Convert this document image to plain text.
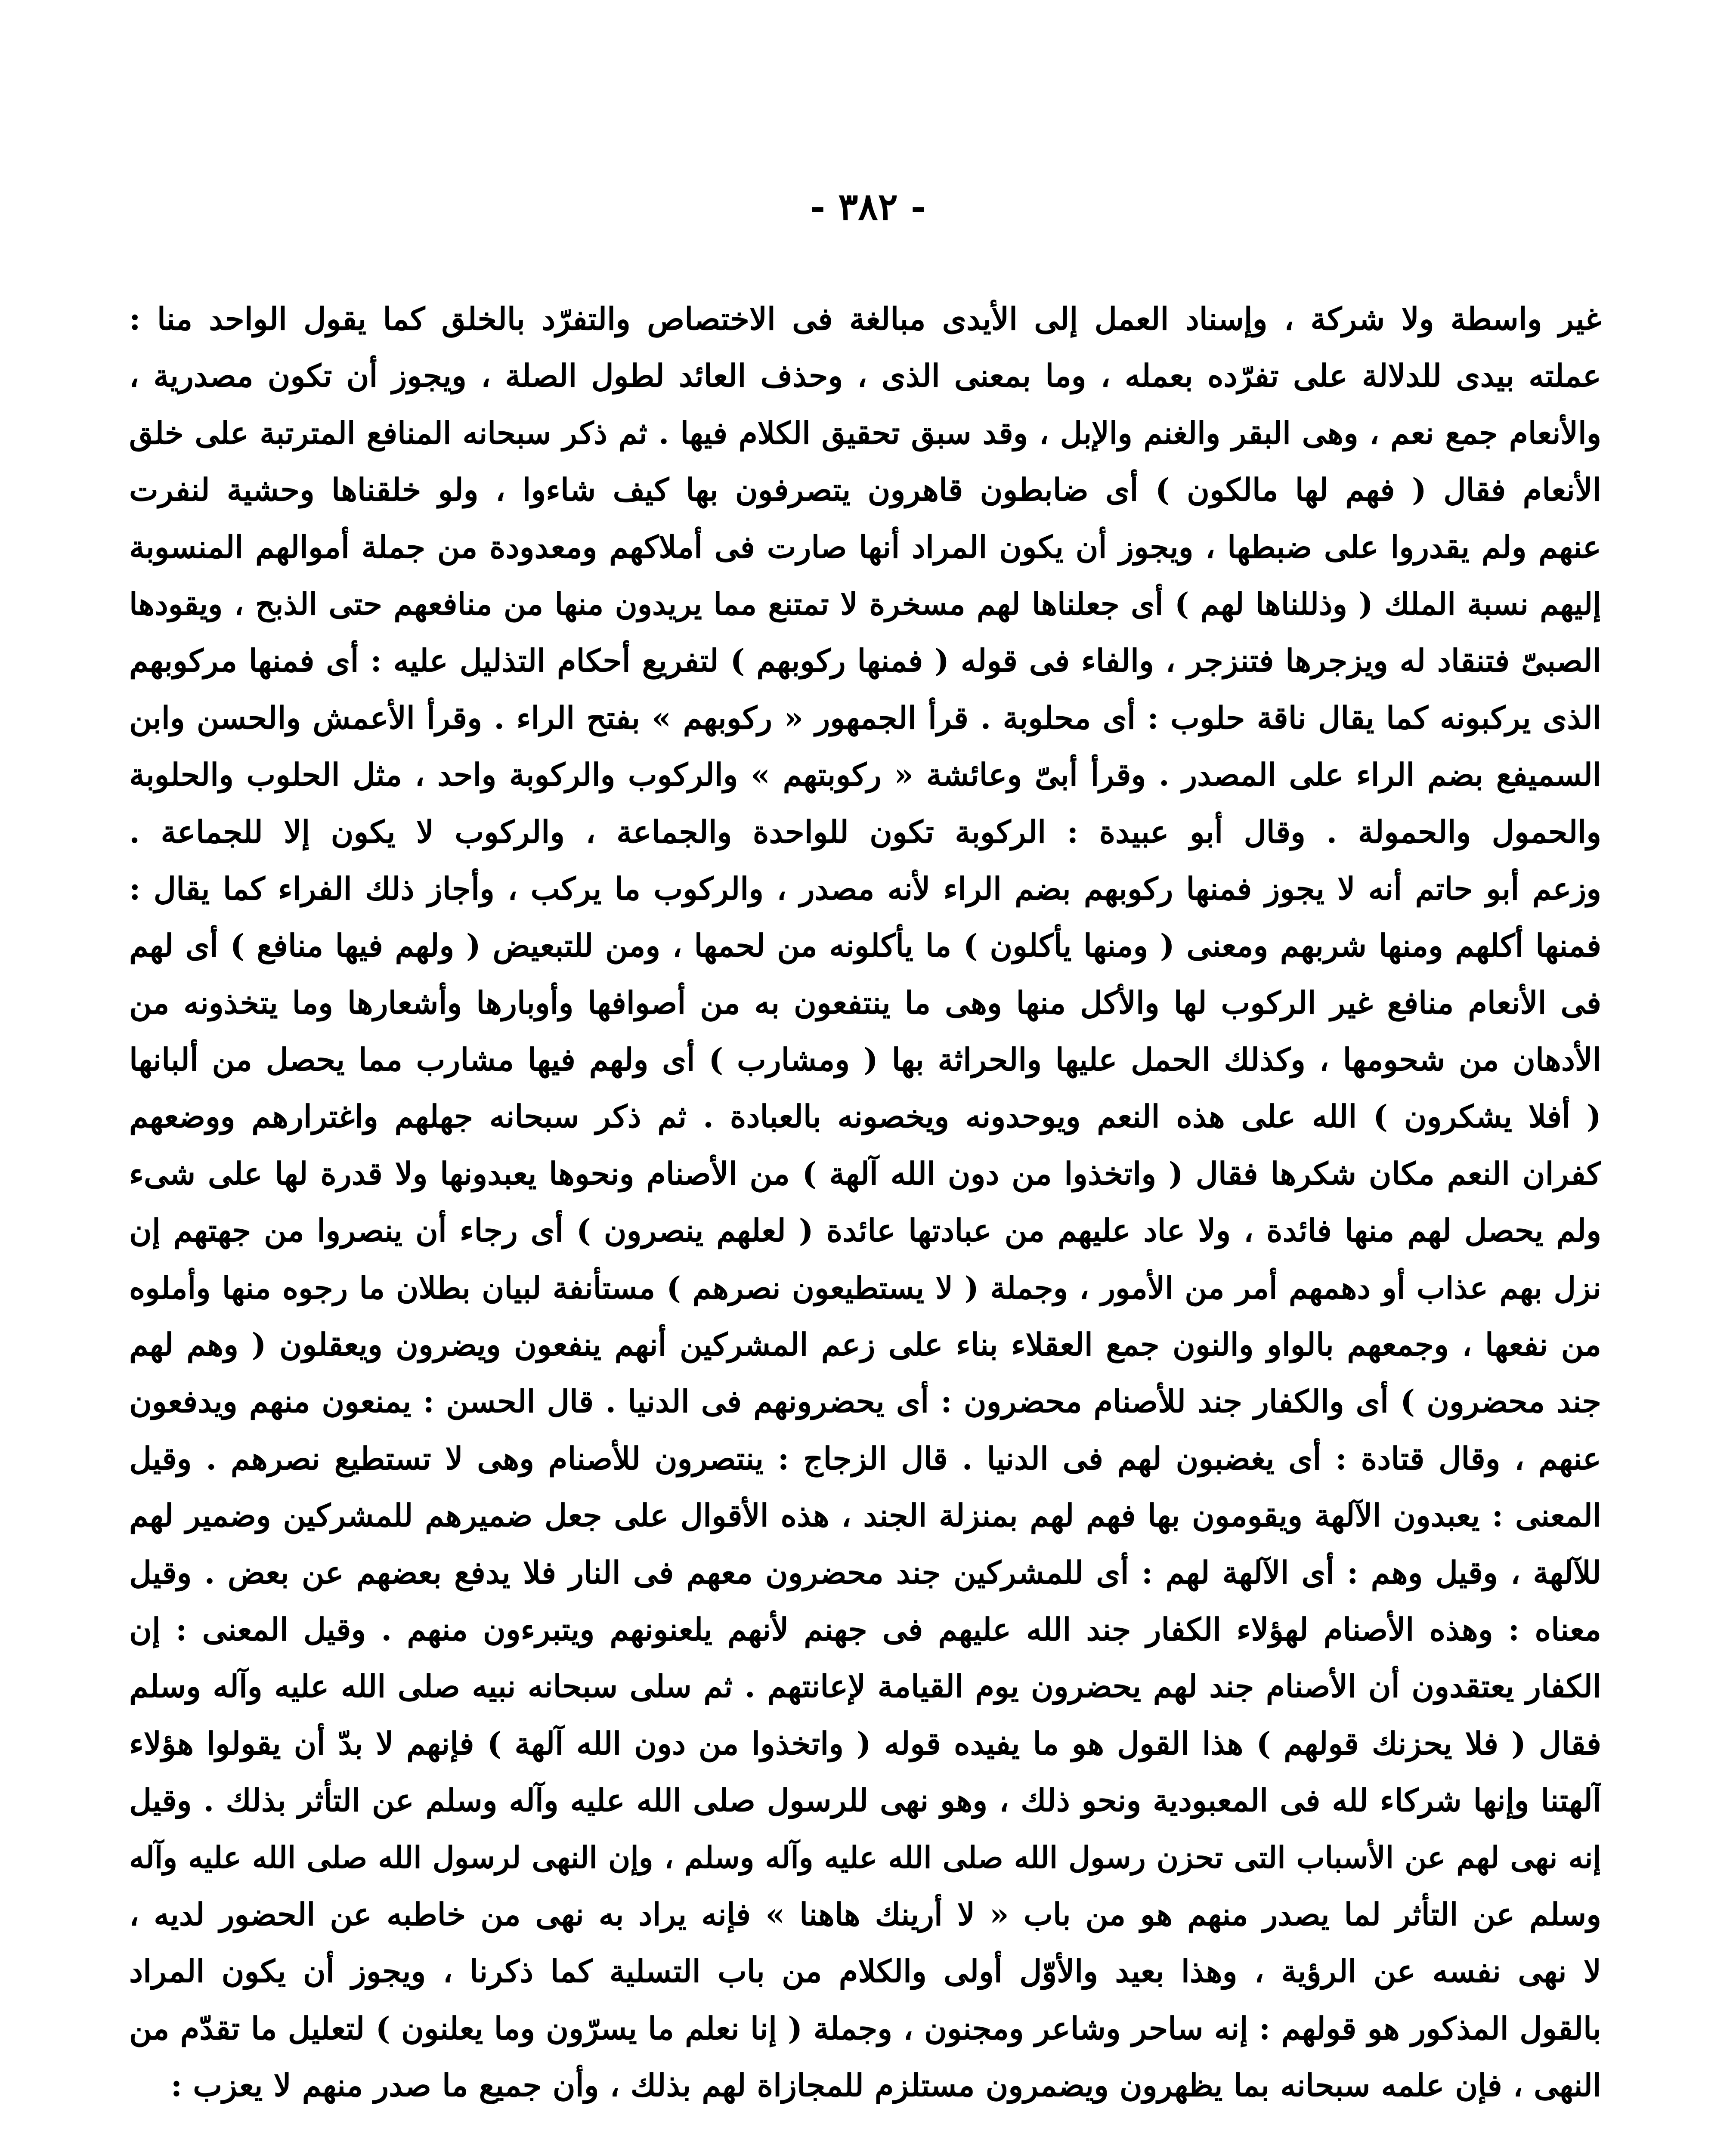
- ٣٨٢ -
غير واسطة ولا شركة ، وإسناد العمل إلى الأيدى مبالغة فى الاختصاص والتفرّد بالخلق كما يقول الواحد منا :
عملته بيدى للدلالة على تفرّده بعمله ، وما بمعنى الذى ، وحذف العائد لطول الصلة ، ويجوز أن تكون مصدرية ،
والأنعام جمع نعم ، وهى البقر والغنم والإبل ، وقد سبق تحقيق الكلام فيها . ثم ذكر سبحانه المنافع المترتبة على خلق
الأنعام فقال ( فهم لها مالكون ) أى ضابطون قاهرون يتصرفون بها كيف شاءوا ، ولو خلقناها وحشية لنفرت
عنهم ولم يقدروا على ضبطها ، ويجوز أن يكون المراد أنها صارت فى أملاكهم ومعدودة من جملة أموالهم المنسوبة
إليهم نسبة الملك ( وذللناها لهم ) أى جعلناها لهم مسخرة لا تمتنع مما يريدون منها من منافعهم حتى الذبح ، ويقودها
الصبىّ فتنقاد له ويزجرها فتنزجر ، والفاء فى قوله ( فمنها ركوبهم ) لتفريع أحكام التذليل عليه : أى فمنها مركوبهم
الذى يركبونه كما يقال ناقة حلوب : أى محلوبة . قرأ الجمهور « ركوبهم » بفتح الراء . وقرأ الأعمش والحسن وابن
السميفع بضم الراء على المصدر . وقرأ أبىّ وعائشة « ركوبتهم » والركوب والركوبة واحد ، مثل الحلوب والحلوبة
والحمول والحمولة . وقال أبو عبيدة : الركوبة تكون للواحدة والجماعة ، والركوب لا يكون إلا للجماعة .
وزعم أبو حاتم أنه لا يجوز فمنها ركوبهم بضم الراء لأنه مصدر ، والركوب ما يركب ، وأجاز ذلك الفراء كما يقال :
فمنها أكلهم ومنها شربهم ومعنى ( ومنها يأكلون ) ما يأكلونه من لحمها ، ومن للتبعيض ( ولهم فيها منافع ) أى لهم
فى الأنعام منافع غير الركوب لها والأكل منها وهى ما ينتفعون به من أصوافها وأوبارها وأشعارها وما يتخذونه من
الأدهان من شحومها ، وكذلك الحمل عليها والحراثة بها ( ومشارب ) أى ولهم فيها مشارب مما يحصل من ألبانها
( أفلا يشكرون ) الله على هذه النعم ويوحدونه ويخصونه بالعبادة . ثم ذكر سبحانه جهلهم واغترارهم ووضعهم
كفران النعم مكان شكرها فقال ( واتخذوا من دون الله آلهة ) من الأصنام ونحوها يعبدونها ولا قدرة لها على شىء
ولم يحصل لهم منها فائدة ، ولا عاد عليهم من عبادتها عائدة ( لعلهم ينصرون ) أى رجاء أن ينصروا من جهتهم إن
نزل بهم عذاب أو دهمهم أمر من الأمور ، وجملة ( لا يستطيعون نصرهم ) مستأنفة لبيان بطلان ما رجوه منها وأملوه
من نفعها ، وجمعهم بالواو والنون جمع العقلاء بناء على زعم المشركين أنهم ينفعون ويضرون ويعقلون ( وهم لهم
جند محضرون ) أى والكفار جند للأصنام محضرون : أى يحضرونهم فى الدنيا . قال الحسن : يمنعون منهم ويدفعون
عنهم ، وقال قتادة : أى يغضبون لهم فى الدنيا . قال الزجاج : ينتصرون للأصنام وهى لا تستطيع نصرهم . وقيل
المعنى : يعبدون الآلهة ويقومون بها فهم لهم بمنزلة الجند ، هذه الأقوال على جعل ضميرهم للمشركين وضمير لهم
للآلهة ، وقيل وهم : أى الآلهة لهم : أى للمشركين جند محضرون معهم فى النار فلا يدفع بعضهم عن بعض . وقيل
معناه : وهذه الأصنام لهؤلاء الكفار جند الله عليهم فى جهنم لأنهم يلعنونهم ويتبرءون منهم . وقيل المعنى : إن
الكفار يعتقدون أن الأصنام جند لهم يحضرون يوم القيامة لإعانتهم . ثم سلى سبحانه نبيه صلى الله عليه وآله وسلم
فقال ( فلا يحزنك قولهم ) هذا القول هو ما يفيده قوله ( واتخذوا من دون الله آلهة ) فإنهم لا بدّ أن يقولوا هؤلاء
آلهتنا وإنها شركاء لله فى المعبودية ونحو ذلك ، وهو نهى للرسول صلى الله عليه وآله وسلم عن التأثر بذلك . وقيل
إنه نهى لهم عن الأسباب التى تحزن رسول الله صلى الله عليه وآله وسلم ، وإن النهى لرسول الله صلى الله عليه وآله
وسلم عن التأثر لما يصدر منهم هو من باب « لا أرينك هاهنا » فإنه يراد به نهى من خاطبه عن الحضور لديه ،
لا نهى نفسه عن الرؤية ، وهذا بعيد والأوّل أولى والكلام من باب التسلية كما ذكرنا ، ويجوز أن يكون المراد
بالقول المذكور هو قولهم : إنه ساحر وشاعر ومجنون ، وجملة ( إنا نعلم ما يسرّون وما يعلنون ) لتعليل ما تقدّم من
النهى ، فإن علمه سبحانه بما يظهرون ويضمرون مستلزم للمجازاة لهم بذلك ، وأن جميع ما صدر منهم لا يعزب :
